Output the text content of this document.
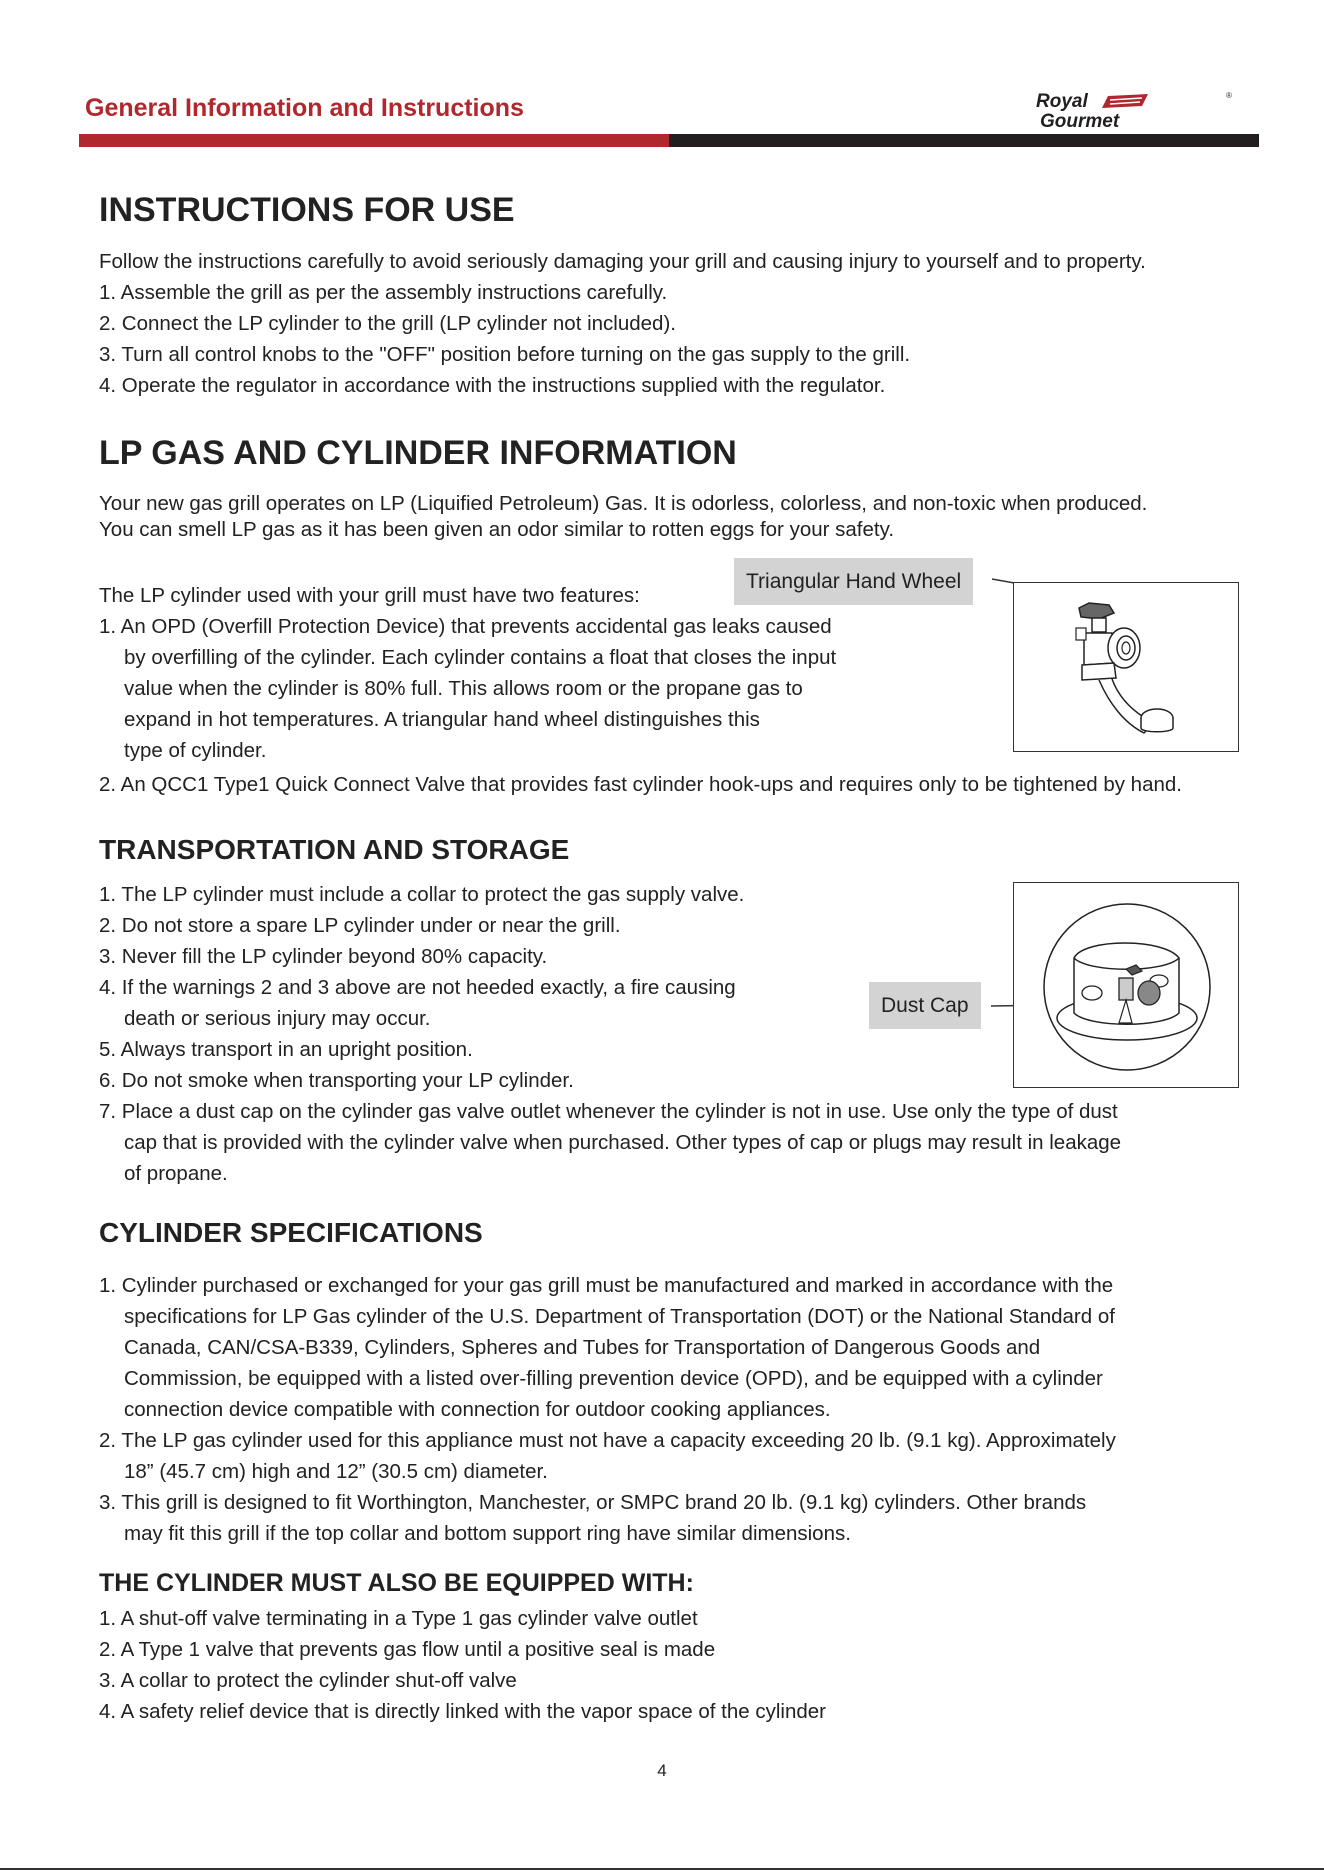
General Information and Instructions	Royal
Gourmet
®
INSTRUCTIONS FOR USE
Follow the instructions carefully to avoid seriously damaging your grill and causing injury to yourself and to property.
1. Assemble the grill as per the assembly instructions carefully.
2. Connect the LP cylinder to the grill (LP cylinder not included).
3. Turn all control knobs to the "OFF" position before turning on the gas supply to the grill.
4. Operate the regulator in accordance with the instructions supplied with the regulator.
LP GAS AND CYLINDER INFORMATION
Your new gas grill operates on LP (Liquified Petroleum) Gas. It is odorless, colorless, and non-toxic when produced.
You can smell LP gas as it has been given an odor similar to rotten eggs for your safety.
The LP cylinder used with your grill must have two features:
1. An OPD (Overfill Protection Device) that prevents accidental gas leaks caused
by overfilling of the cylinder. Each cylinder contains a float that closes the input
value when the cylinder is 80% full. This allows room or the propane gas to
expand in hot temperatures. A triangular hand wheel distinguishes this
type of cylinder.
2. An QCC1 Type1 Quick Connect Valve that provides fast cylinder hook-ups and requires only to be tightened by hand.
TRANSPORTATION AND STORAGE
1. The LP cylinder must include a collar to protect the gas supply valve.
2. Do not store a spare LP cylinder under or near the grill.
3. Never fill the LP cylinder beyond 80% capacity.
4. If the warnings 2 and 3 above are not heeded exactly, a fire causing
death or serious injury may occur.
5. Always transport in an upright position.
6. Do not smoke when transporting your LP cylinder.
7. Place a dust cap on the cylinder gas valve outlet whenever the cylinder is not in use. Use only the type of dust
cap that is provided with the cylinder valve when purchased. Other types of cap or plugs may result in leakage
of propane.
CYLINDER SPECIFICATIONS
1. Cylinder purchased or exchanged for your gas grill must be manufactured and marked in accordance with the
specifications for LP Gas cylinder of the U.S. Department of Transportation (DOT) or the National Standard of
Canada, CAN/CSA-B339, Cylinders, Spheres and Tubes for Transportation of Dangerous Goods and
Commission, be equipped with a listed over-filling prevention device (OPD), and be equipped with a cylinder
connection device compatible with connection for outdoor cooking appliances.
2. The LP gas cylinder used for this appliance must not have a capacity exceeding 20 lb. (9.1 kg). Approximately
18” (45.7 cm) high and 12” (30.5 cm) diameter.
3. This grill is designed to fit Worthington, Manchester, or SMPC brand 20 lb. (9.1 kg) cylinders. Other brands
may fit this grill if the top collar and bottom support ring have similar dimensions.
THE CYLINDER MUST ALSO BE EQUIPPED WITH:
1. A shut-off valve terminating in a Type 1 gas cylinder valve outlet
2. A Type 1 valve that prevents gas flow until a positive seal is made
3. A collar to protect the cylinder shut-off valve
4. A safety relief device that is directly linked with the vapor space of the cylinder
Triangular Hand Wheel
Dust Cap
4
